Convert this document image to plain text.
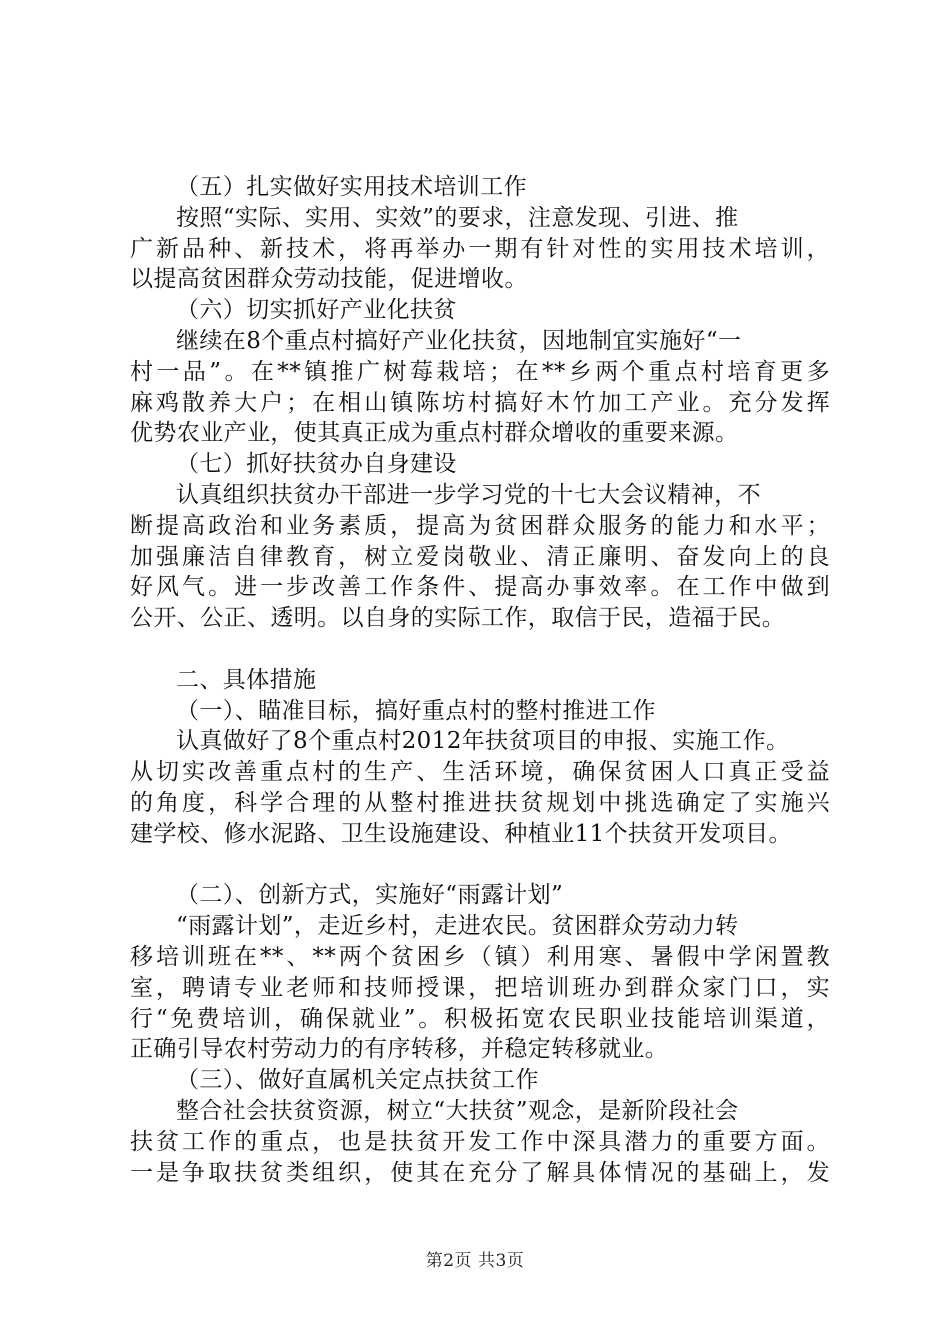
（五）扎实做好实用技术培训工作
按照“实际、实用、实效”的要求，注意发现、引进、推
广新品种、新技术，将再举办一期有针对性的实用技术培训，
以提高贫困群众劳动技能，促进增收。
（六）切实抓好产业化扶贫
继续在8个重点村搞好产业化扶贫，因地制宜实施好“一
村一品”。在**镇推广树莓栽培；在**乡两个重点村培育更多
麻鸡散养大户；在相山镇陈坊村搞好木竹加工产业。充分发挥
优势农业产业，使其真正成为重点村群众增收的重要来源。
（七）抓好扶贫办自身建设
认真组织扶贫办干部进一步学习党的十七大会议精神，不
断提高政治和业务素质，提高为贫困群众服务的能力和水平；
加强廉洁自律教育，树立爱岗敬业、清正廉明、奋发向上的良
好风气。进一步改善工作条件、提高办事效率。在工作中做到
公开、公正、透明。以自身的实际工作，取信于民，造福于民。
二、具体措施
（一）、瞄准目标，搞好重点村的整村推进工作
认真做好了8个重点村2012年扶贫项目的申报、实施工作。
从切实改善重点村的生产、生活环境，确保贫困人口真正受益
的角度，科学合理的从整村推进扶贫规划中挑选确定了实施兴
建学校、修水泥路、卫生设施建设、种植业11个扶贫开发项目。
（二）、创新方式，实施好“雨露计划”
“雨露计划”，走近乡村，走进农民。贫困群众劳动力转
移培训班在**、**两个贫困乡（镇）利用寒、暑假中学闲置教
室，聘请专业老师和技师授课，把培训班办到群众家门口，实
行“免费培训，确保就业”。积极拓宽农民职业技能培训渠道，
正确引导农村劳动力的有序转移，并稳定转移就业。
（三）、做好直属机关定点扶贫工作
整合社会扶贫资源，树立“大扶贫”观念，是新阶段社会
扶贫工作的重点，也是扶贫开发工作中深具潜力的重要方面。
一是争取扶贫类组织，使其在充分了解具体情况的基础上，发
第2页 共3页
